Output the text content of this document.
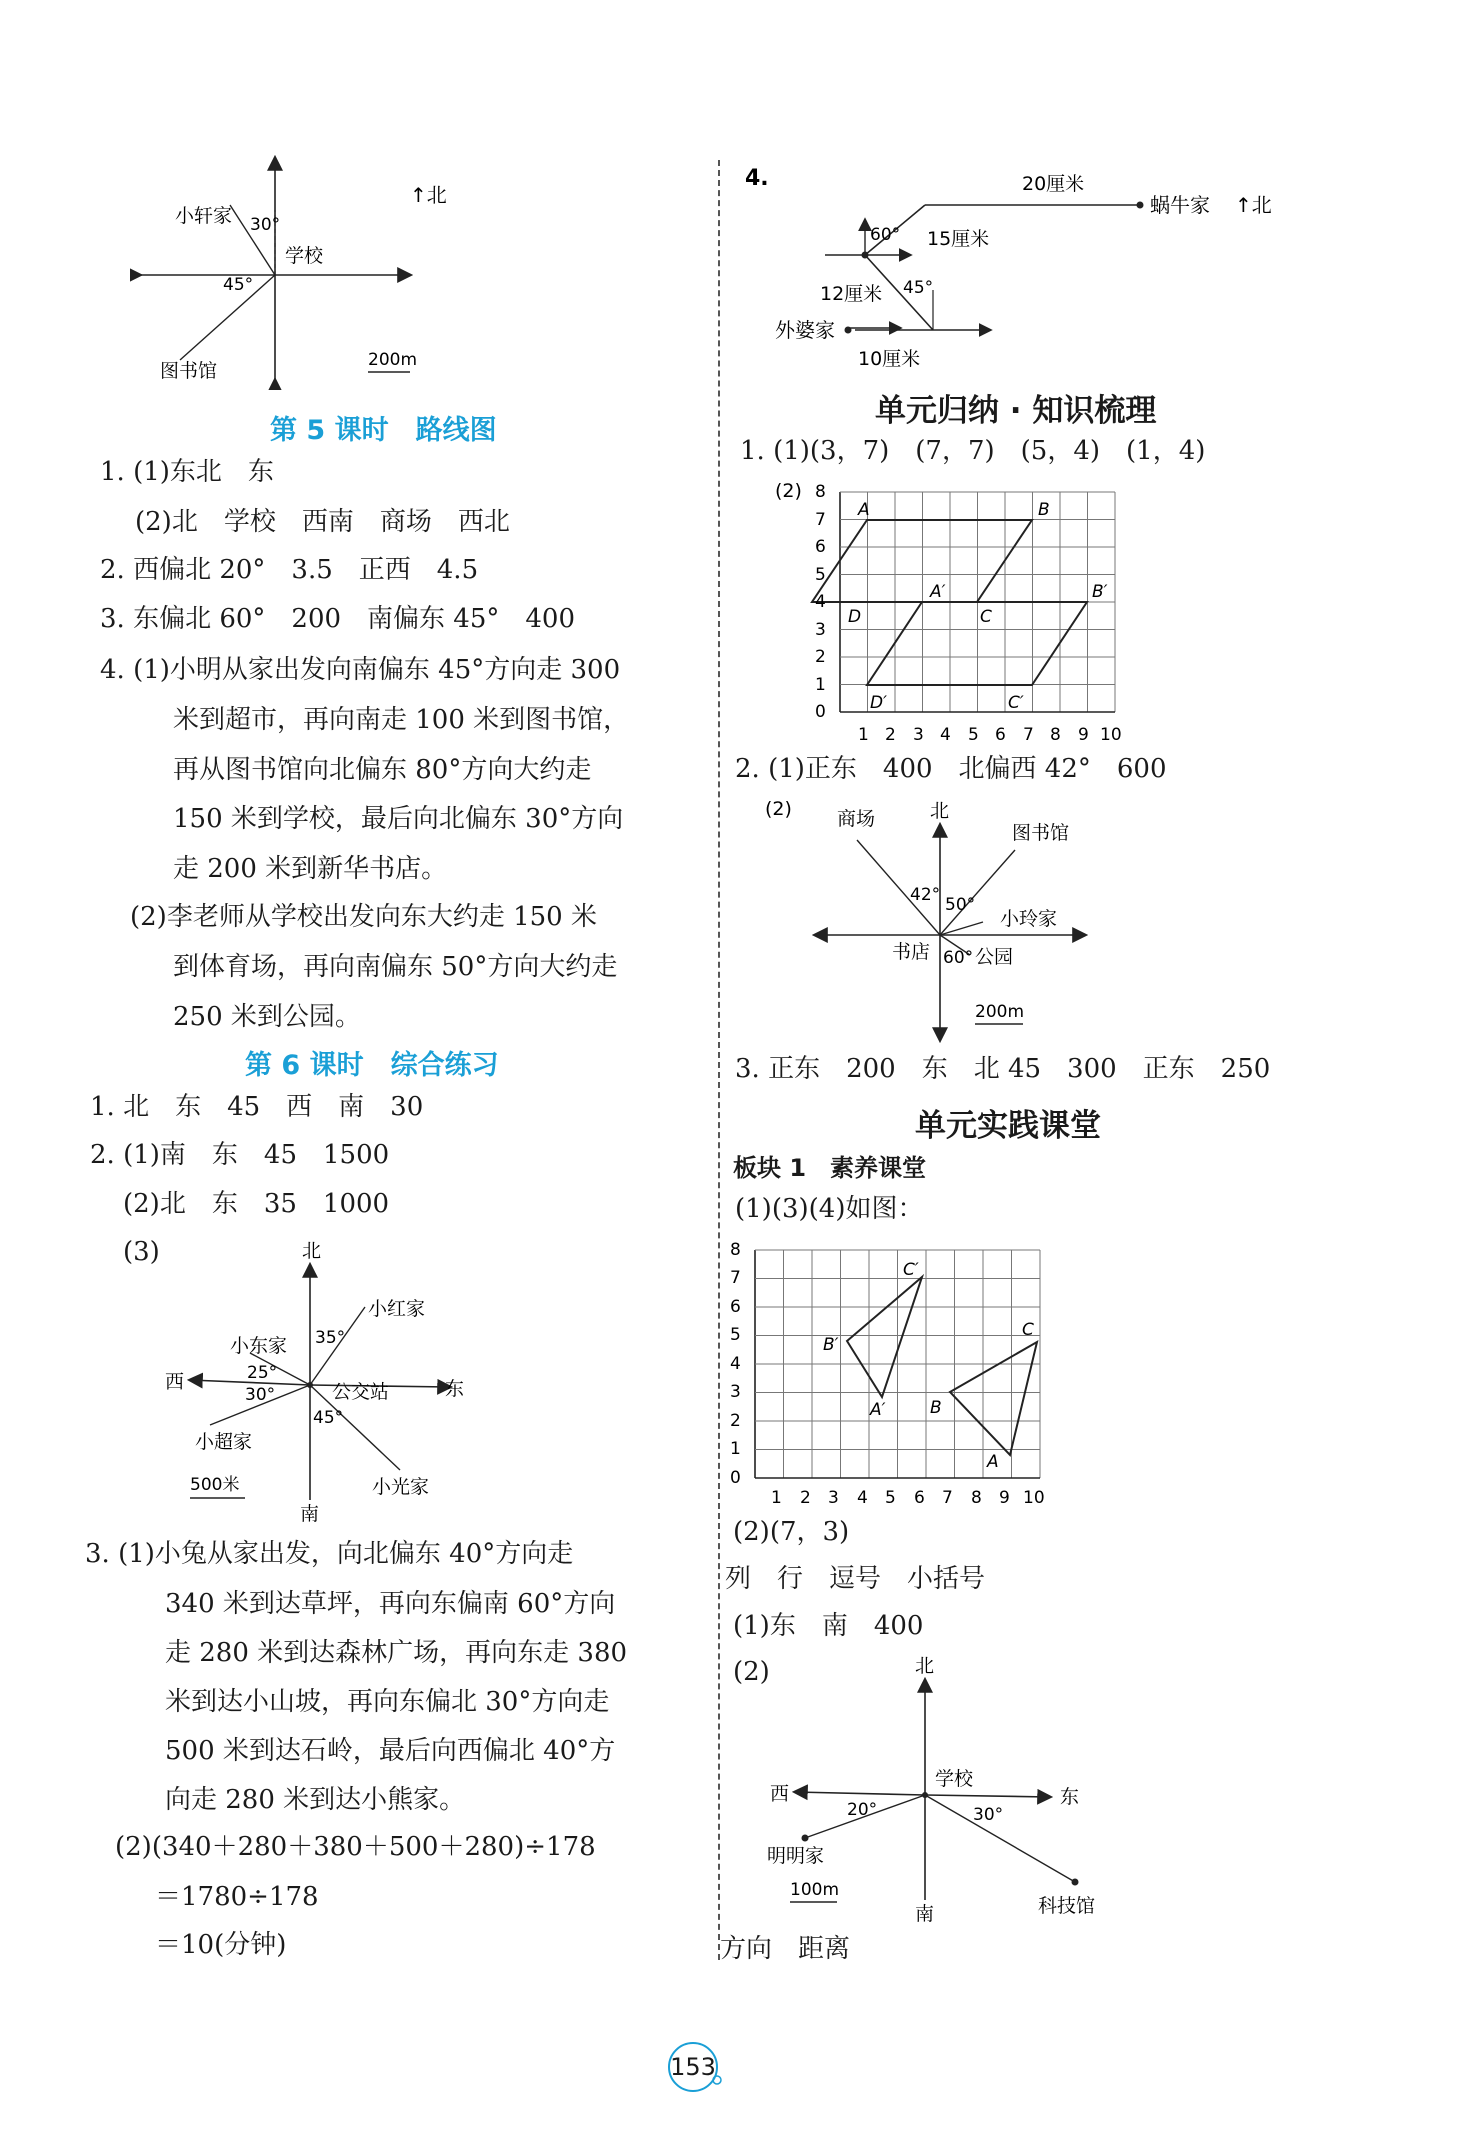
↑北
小轩家 30°
学校
45°
图书馆	200m
第 5 课时　路线图
1. (1)东北　东
(2)北　学校　西南　商场　西北
2. 西偏北 20°　3.5　正西　4.5
3. 东偏北 60°　200　南偏东 45°　400
4. (1)小明从家出发向南偏东 45°方向走 300
米到超市，再向南走 100 米到图书馆，
再从图书馆向北偏东 80°方向大约走
150 米到学校，最后向北偏东 30°方向
走 200 米到新华书店。
(2)李老师从学校出发向东大约走 150 米
到体育场，再向南偏东 50°方向大约走
250 米到公园。
第 6 课时　综合练习
1. 北　东　45　西　南　30
2. (1)南　东　45　1500
(2)北　东　35　1000
(3)	北
南
西	东
小红家
小东家 35°
25°
30°
45°
公交站
小超家
小光家
500米
3. (1)小兔从家出发，向北偏东 40°方向走
340 米到达草坪，再向东偏南 60°方向
走 280 米到达森林广场，再向东走 380
米到达小山坡，再向东偏北 30°方向走
500 米到达石岭，最后向西偏北 40°方
向走 280 米到达小熊家。
(2)(340＋280＋380＋500＋280)÷178
＝1780÷178
＝10(分钟)
4.	20厘米
蜗牛家 ↑北
60° 15厘米
12厘米 45°
外婆家
10厘米
单元归纳 · 知识梳理
1. (1)(3，7)　(7，7)　(5，4)　(1，4)
(2) 8
7
6
5
4
3
2
1
0
1 2 3 4 5 6 7 8 9 10
A	B
C
D
A′	B′
C′
D′
2. (1)正东　400　北偏西 42°　600
(2) 商场	北
图书馆
42° 50°
小玲家
书店 60° 公园
200m
3. 正东　200　东　北 45　300　正东　250
单元实践课堂
板块 1　素养课堂
(1)(3)(4)如图：
8
7
6
5
4
3
2
1
0
1 2 3 4 5 6 7 8 9 10
C′
B′
A′
C
B
A
(2)(7，3)
列　行　逗号　小括号
(1)东　南　400
(2)	北
南
西	东
学校
20°	30°
明明家
科技馆
100m
方向　距离
153
